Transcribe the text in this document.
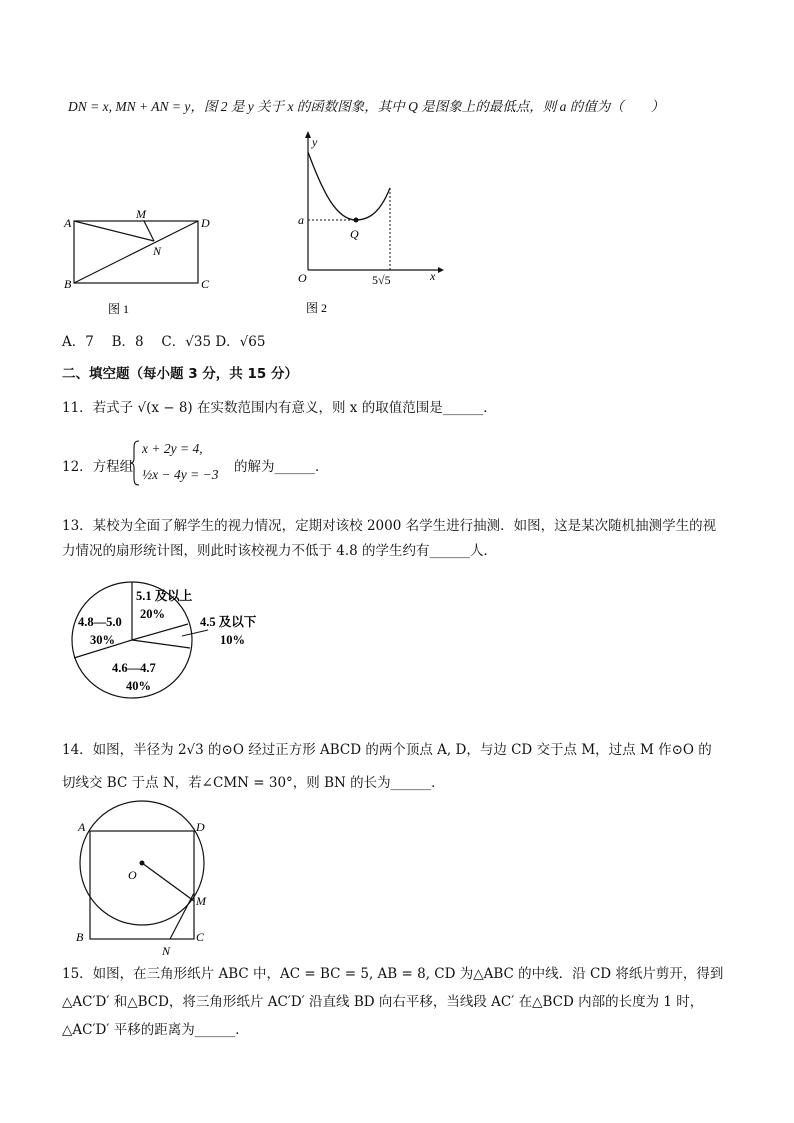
DN = x, MN + AN = y，图 2 是 y 关于 x 的函数图象，其中 Q 是图象上的最低点，则 a 的值为（　　）
A
B	C
D
M
N
图 1
y
x
O
a
Q
5√5
图 2
A．7　 B．8　 C．√35 D．√65
二、填空题（每小题 3 分，共 15 分）
11．若式子 √(x − 8) 在实数范围内有意义，则 x 的取值范围是______．
12．方程组
x + 2y = 4,
½x − 4y = −3 的解为______．
13．某校为全面了解学生的视力情况，定期对该校 2000 名学生进行抽测．如图，这是某次随机抽测学生的视
力情况的扇形统计图，则此时该校视力不低于 4.8 的学生约有______人．
5.1 及以上
20%
4.5 及以下
10%
4.8—5.0
30%
4.6—4.7
40%
14．如图，半径为 2√3 的⊙O 经过正方形 ABCD 的两个顶点 A, D，与边 CD 交于点 M，过点 M 作⊙O 的
切线交 BC 于点 N，若∠CMN = 30°，则 BN 的长为______．
A
B	C
D
O
M
N
15．如图，在三角形纸片 ABC 中，AC = BC = 5, AB = 8, CD 为△ABC 的中线．沿 CD 将纸片剪开，得到
△AC′D′ 和△BCD，将三角形纸片 AC′D′ 沿直线 BD 向右平移，当线段 AC′ 在△BCD 内部的长度为 1 时，
△AC′D′ 平移的距离为______．
